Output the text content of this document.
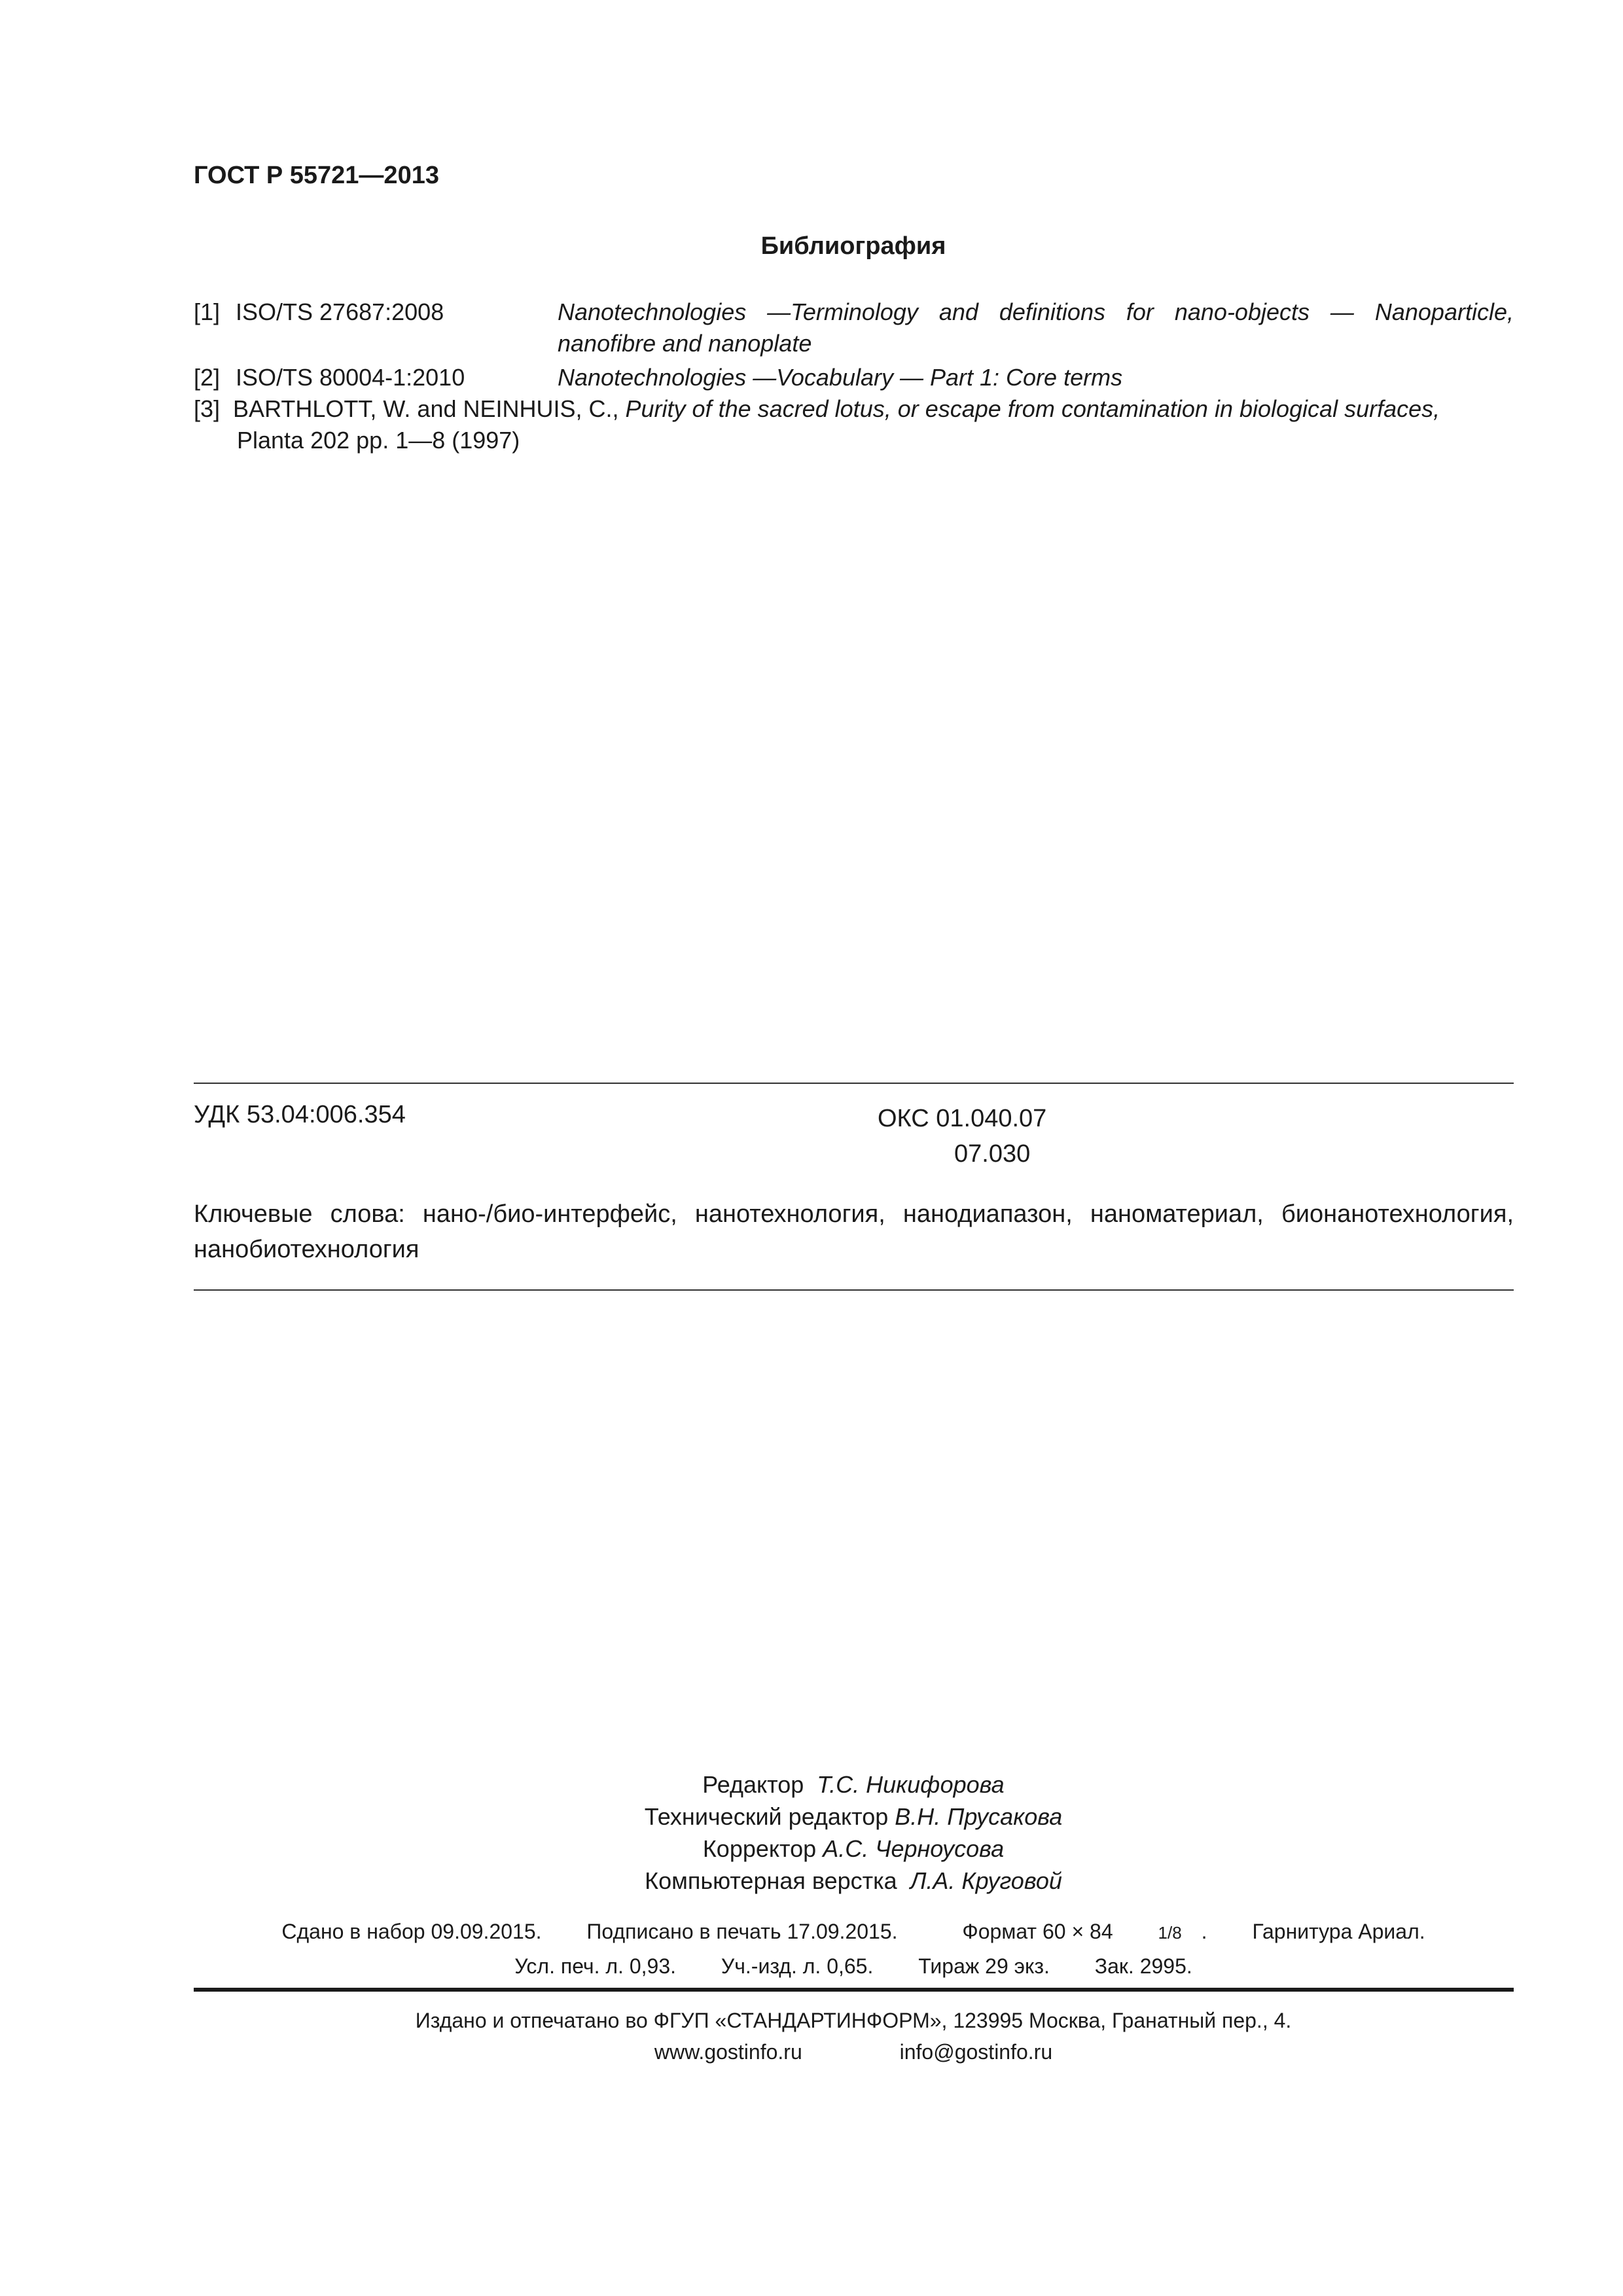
ГОСТ Р 55721—2013
Библиография
[1] ISO/TS 27687:2008	Nanotechnologies —Terminology and definitions for nano-objects — Nanoparticle, nanofibre and nanoplate
[2] ISO/TS 80004-1:2010	Nanotechnologies —Vocabulary — Part 1: Core terms
[3] BARTHLOTT, W. and NEINHUIS, C., Purity of the sacred lotus, or escape from contamination in biological surfaces,
Planta 202 pp. 1—8 (1997)
УДК 53.04:006.354	ОКС 01.040.07
07.030
Ключевые слова: нано-/био-интерфейс, нанотехнология, нанодиапазон, наноматериал, бионанотехнология, нанобиотехнология
Редактор Т.С. Никифорова
Технический редактор В.Н. Прусакова
Корректор А.С. Черноусова
Компьютерная верстка Л.А. Круговой
Сдано в набор 09.09.2015. Подписано в печать 17.09.2015.	Формат 60 × 84	1/8 . Гарнитура Ариал.
Усл. печ. л. 0,93. Уч.-изд. л. 0,65. Тираж 29 экз. Зак. 2995.
Издано и отпечатано во ФГУП «СТАНДАРТИНФОРМ», 123995 Москва, Гранатный пер., 4.
www.gostinfo.ru	info@gostinfo.ru
